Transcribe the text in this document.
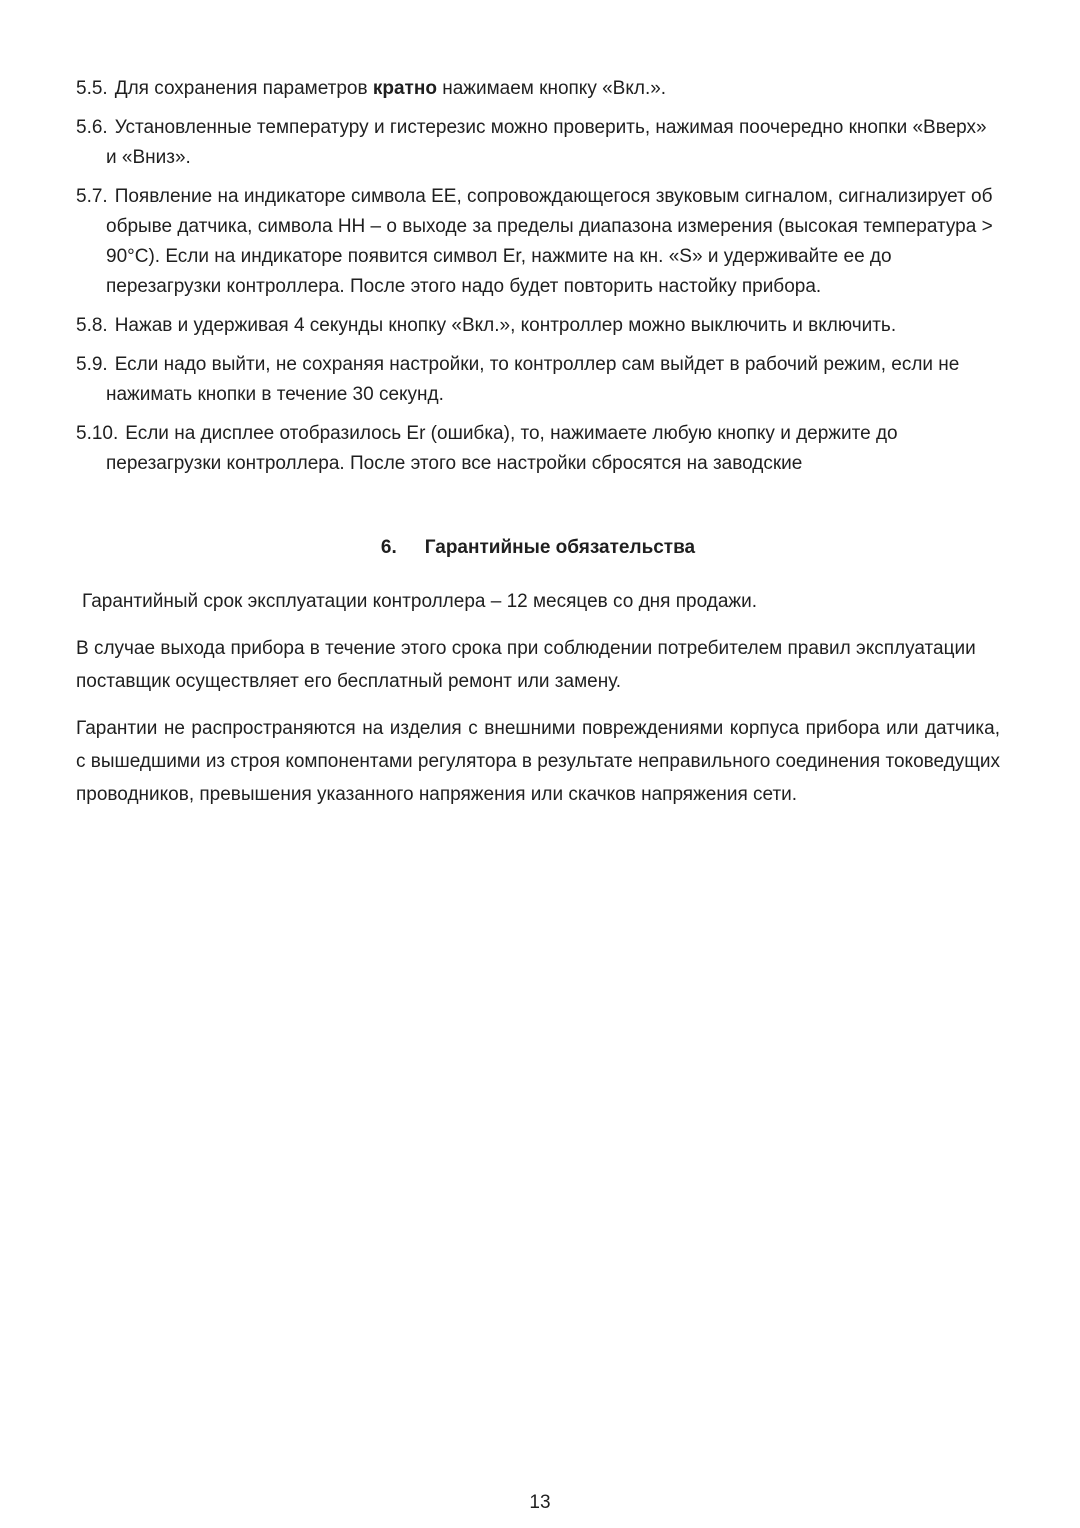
5.5. Для сохранения параметров кратно нажимаем кнопку «Вкл.».
5.6. Установленные температуру и гистерезис можно проверить, нажимая поочередно кнопки «Вверх» и «Вниз».
5.7. Появление на индикаторе символа ЕЕ, сопровождающегося звуковым сигналом, сигнализирует об обрыве датчика, символа НН – о выходе за пределы диапазона измерения (высокая температура > 90°С). Если на индикаторе появится символ Er, нажмите на кн. «S» и удерживайте ее до перезагрузки контроллера. После этого надо будет повторить настойку прибора.
5.8. Нажав и удерживая 4 секунды кнопку «Вкл.», контроллер можно выключить и включить.
5.9. Если надо выйти, не сохраняя настройки, то контроллер сам выйдет в рабочий режим, если не нажимать кнопки в течение 30 секунд.
5.10. Если на дисплее отобразилось Er (ошибка), то, нажимаете любую кнопку и держите до перезагрузки контроллера. После этого все настройки сбросятся на заводские
6. Гарантийные обязательства

Гарантийный срок эксплуатации контроллера – 12 месяцев со дня продажи.

В случае выхода прибора в течение этого срока при соблюдении потребителем правил эксплуатации поставщик осуществляет его бесплатный ремонт или замену.

Гарантии не распространяются на изделия с внешними повреждениями корпуса прибора или датчика, с вышедшими из строя компонентами регулятора в результате неправильного соединения токоведущих проводников, превышения указанного напряжения или скачков напряжения сети.

13
